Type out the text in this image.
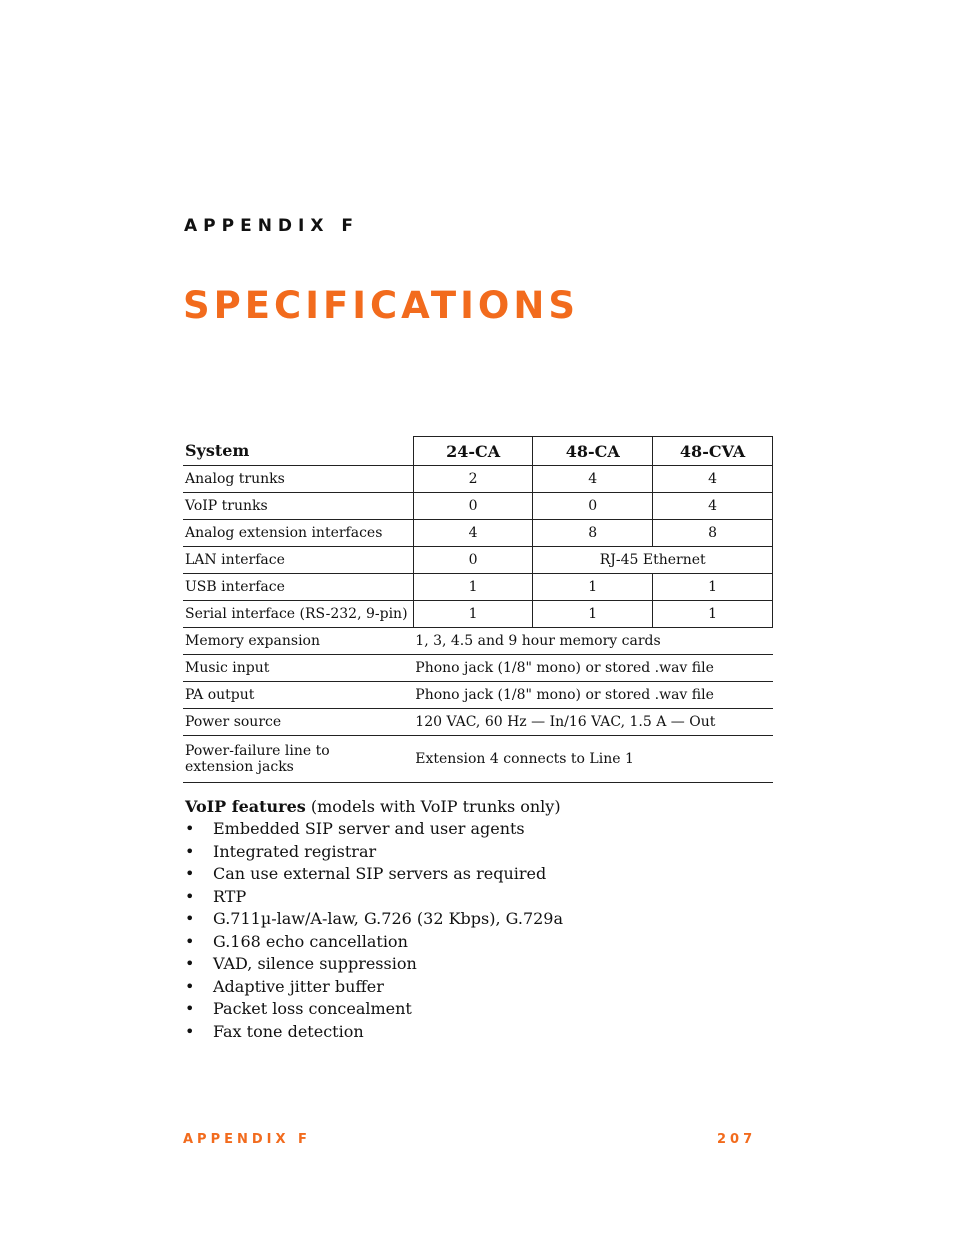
APPENDIX F
SPECIFICATIONS
System	24-CA	48-CA	48-CVA
Analog trunks	2	4	4
VoIP trunks	0	0	4
Analog extension interfaces	4	8	8
LAN interface	0	RJ-45 Ethernet	
USB interface	1	1	1
Serial interface (RS-232, 9-pin)	1	1	1
Memory expansion	1, 3, 4.5 and 9 hour memory cards		
Music input	Phono jack (1/8" mono) or stored .wav file		
PA output	Phono jack (1/8" mono) or stored .wav file		
Power source	120 VAC, 60 Hz — In/16 VAC, 1.5 A — Out		

Power-failure line to
extension jacks	Extension 4 connects to Line 1		
VoIP features (models with VoIP trunks only)
•	Embedded SIP server and user agents
•	Integrated registrar
•	Can use external SIP servers as required
•	RTP
•	G.711µ-law/A-law, G.726 (32 Kbps), G.729a
•	G.168 echo cancellation
•	VAD, silence suppression
•	Adaptive jitter buffer
•	Packet loss concealment
•	Fax tone detection
APPENDIX F	207
